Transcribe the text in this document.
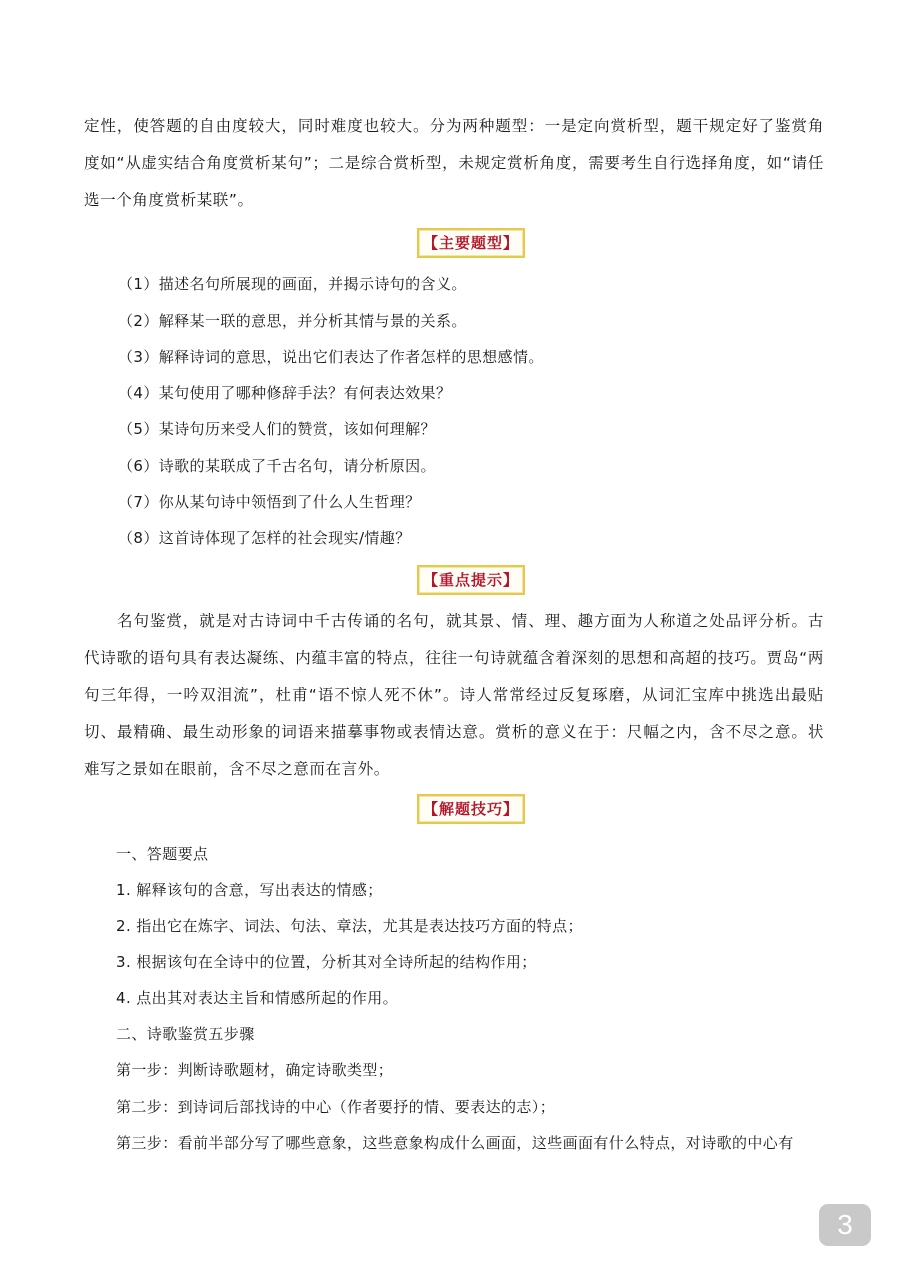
定性，使答题的自由度较大，同时难度也较大。分为两种题型：一是定向赏析型，题干规定好了鉴赏角度如“从虚实结合角度赏析某句”；二是综合赏析型，未规定赏析角度，需要考生自行选择角度，如“请任选一个角度赏析某联”。
【主要题型】
（1）描述名句所展现的画面，并揭示诗句的含义。
（2）解释某一联的意思，并分析其情与景的关系。
（3）解释诗词的意思，说出它们表达了作者怎样的思想感情。
（4）某句使用了哪种修辞手法？有何表达效果？
（5）某诗句历来受人们的赞赏，该如何理解？
（6）诗歌的某联成了千古名句，请分析原因。
（7）你从某句诗中领悟到了什么人生哲理？
（8）这首诗体现了怎样的社会现实/情趣？
【重点提示】
名句鉴赏，就是对古诗词中千古传诵的名句，就其景、情、理、趣方面为人称道之处品评分析。古代诗歌的语句具有表达凝练、内蕴丰富的特点，往往一句诗就蕴含着深刻的思想和高超的技巧。贾岛“两句三年得，一吟双泪流”，杜甫“语不惊人死不休”。诗人常常经过反复琢磨，从词汇宝库中挑选出最贴切、最精确、最生动形象的词语来描摹事物或表情达意。赏析的意义在于：尺幅之内，含不尽之意。状难写之景如在眼前，含不尽之意而在言外。
【解题技巧】
一、答题要点
1. 解释该句的含意，写出表达的情感；
2. 指出它在炼字、词法、句法、章法，尤其是表达技巧方面的特点；
3. 根据该句在全诗中的位置，分析其对全诗所起的结构作用；
4. 点出其对表达主旨和情感所起的作用。
二、诗歌鉴赏五步骤
第一步：判断诗歌题材，确定诗歌类型；
第二步：到诗词后部找诗的中心（作者要抒的情、要表达的志）；
第三步：看前半部分写了哪些意象，这些意象构成什么画面，这些画面有什么特点，对诗歌的中心有
3
